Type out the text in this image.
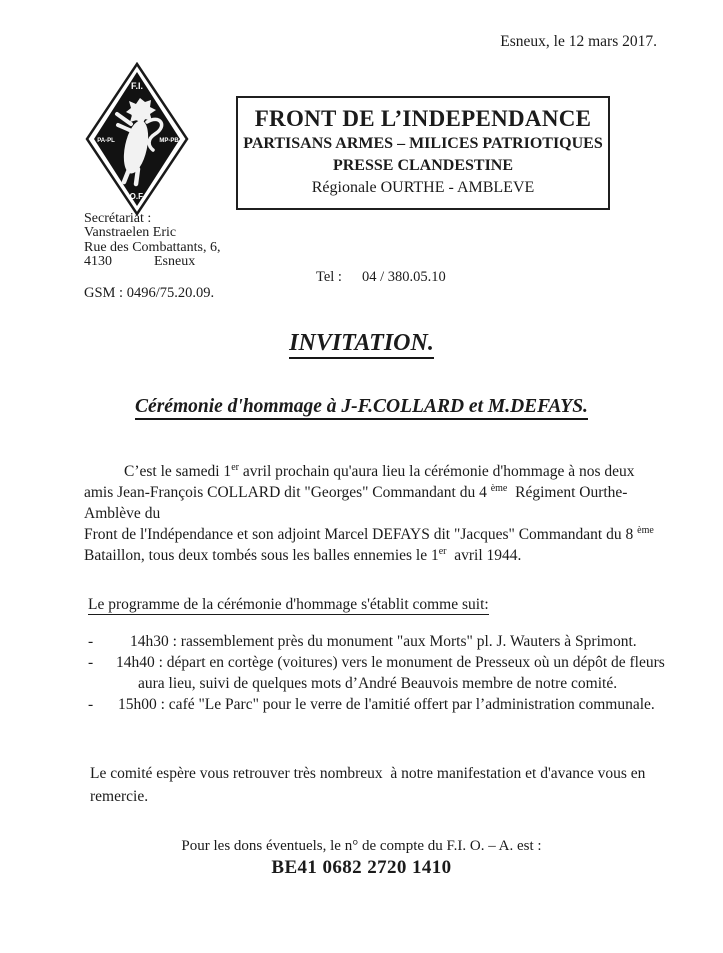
Esneux, le 12 mars 2017.
F.I.
PA-PL	MP-PB
O.F.
FRONT DE L’INDEPENDANCE
PARTISANS ARMES – MILICES PATRIOTIQUES
PRESSE CLANDESTINE
Régionale OURTHE - AMBLEVE
Secrétariat :
Vanstraelen Eric
Rue des Combattants, 6,
4130	Esneux
GSM : 0496/75.20.09.
Tel : 04 / 380.05.10
INVITATION.
Cérémonie d'hommage à J-F.COLLARD et M.DEFAYS.
C’est le samedi 1er avril prochain qu'aura lieu la cérémonie d'hommage à nos deux
amis Jean-François COLLARD dit "Georges" Commandant du 4 $^{ème}$  Régiment Ourthe-
Amblève du
Front de l'Indépendance et son adjoint Marcel DEFAYS dit "Jacques" Commandant du 8 $^{ème}$
Bataillon, tous deux tombés sous les balles ennemies le 1er  avril 1944.
Le programme de la cérémonie d'hommage s'établit comme suit:
-	14h30 : rassemblement près du monument "aux Morts" pl. J. Wauters à Sprimont.
-	14h40 : départ en cortège (voitures) vers le monument de Presseux où un dépôt de fleurs
aura lieu, suivi de quelques mots d’André Beauvois membre de notre comité.
-	15h00 : café "Le Parc" pour le verre de l'amitié offert par l’administration communale.
Le comité espère vous retrouver très nombreux  à notre manifestation et d'avance vous en remercie.
Pour les dons éventuels, le n° de compte du F.I. O. – A. est :
BE41 0682 2720 1410
